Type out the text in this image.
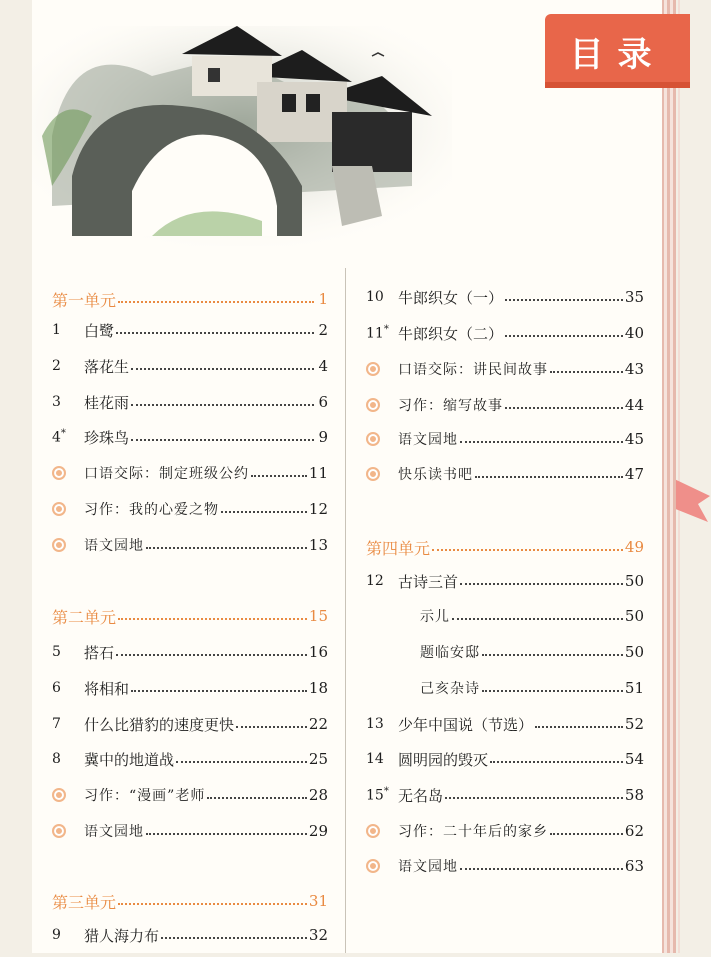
目录
第一单元	1
1	白鹭	2
2	落花生	4
3	桂花雨	6
4*	珍珠鸟	9
口语交际：制定班级公约	11
习作：我的心爱之物	12
语文园地	13
第二单元	15
5	搭石	16
6	将相和	18
7	什么比猎豹的速度更快	22
8	冀中的地道战	25
习作：“漫画”老师	28
语文园地	29
第三单元	31
9	猎人海力布	32
10 牛郎织女（一）	35
11* 牛郎织女（二）	40
口语交际：讲民间故事	43
习作：缩写故事	44
语文园地	45
快乐读书吧	47
第四单元	49
12 古诗三首	50
示儿	50
题临安邸	50
己亥杂诗	51
13 少年中国说（节选）	52
14 圆明园的毁灭	54
15* 无名岛	58
习作：二十年后的家乡	62
语文园地	63
